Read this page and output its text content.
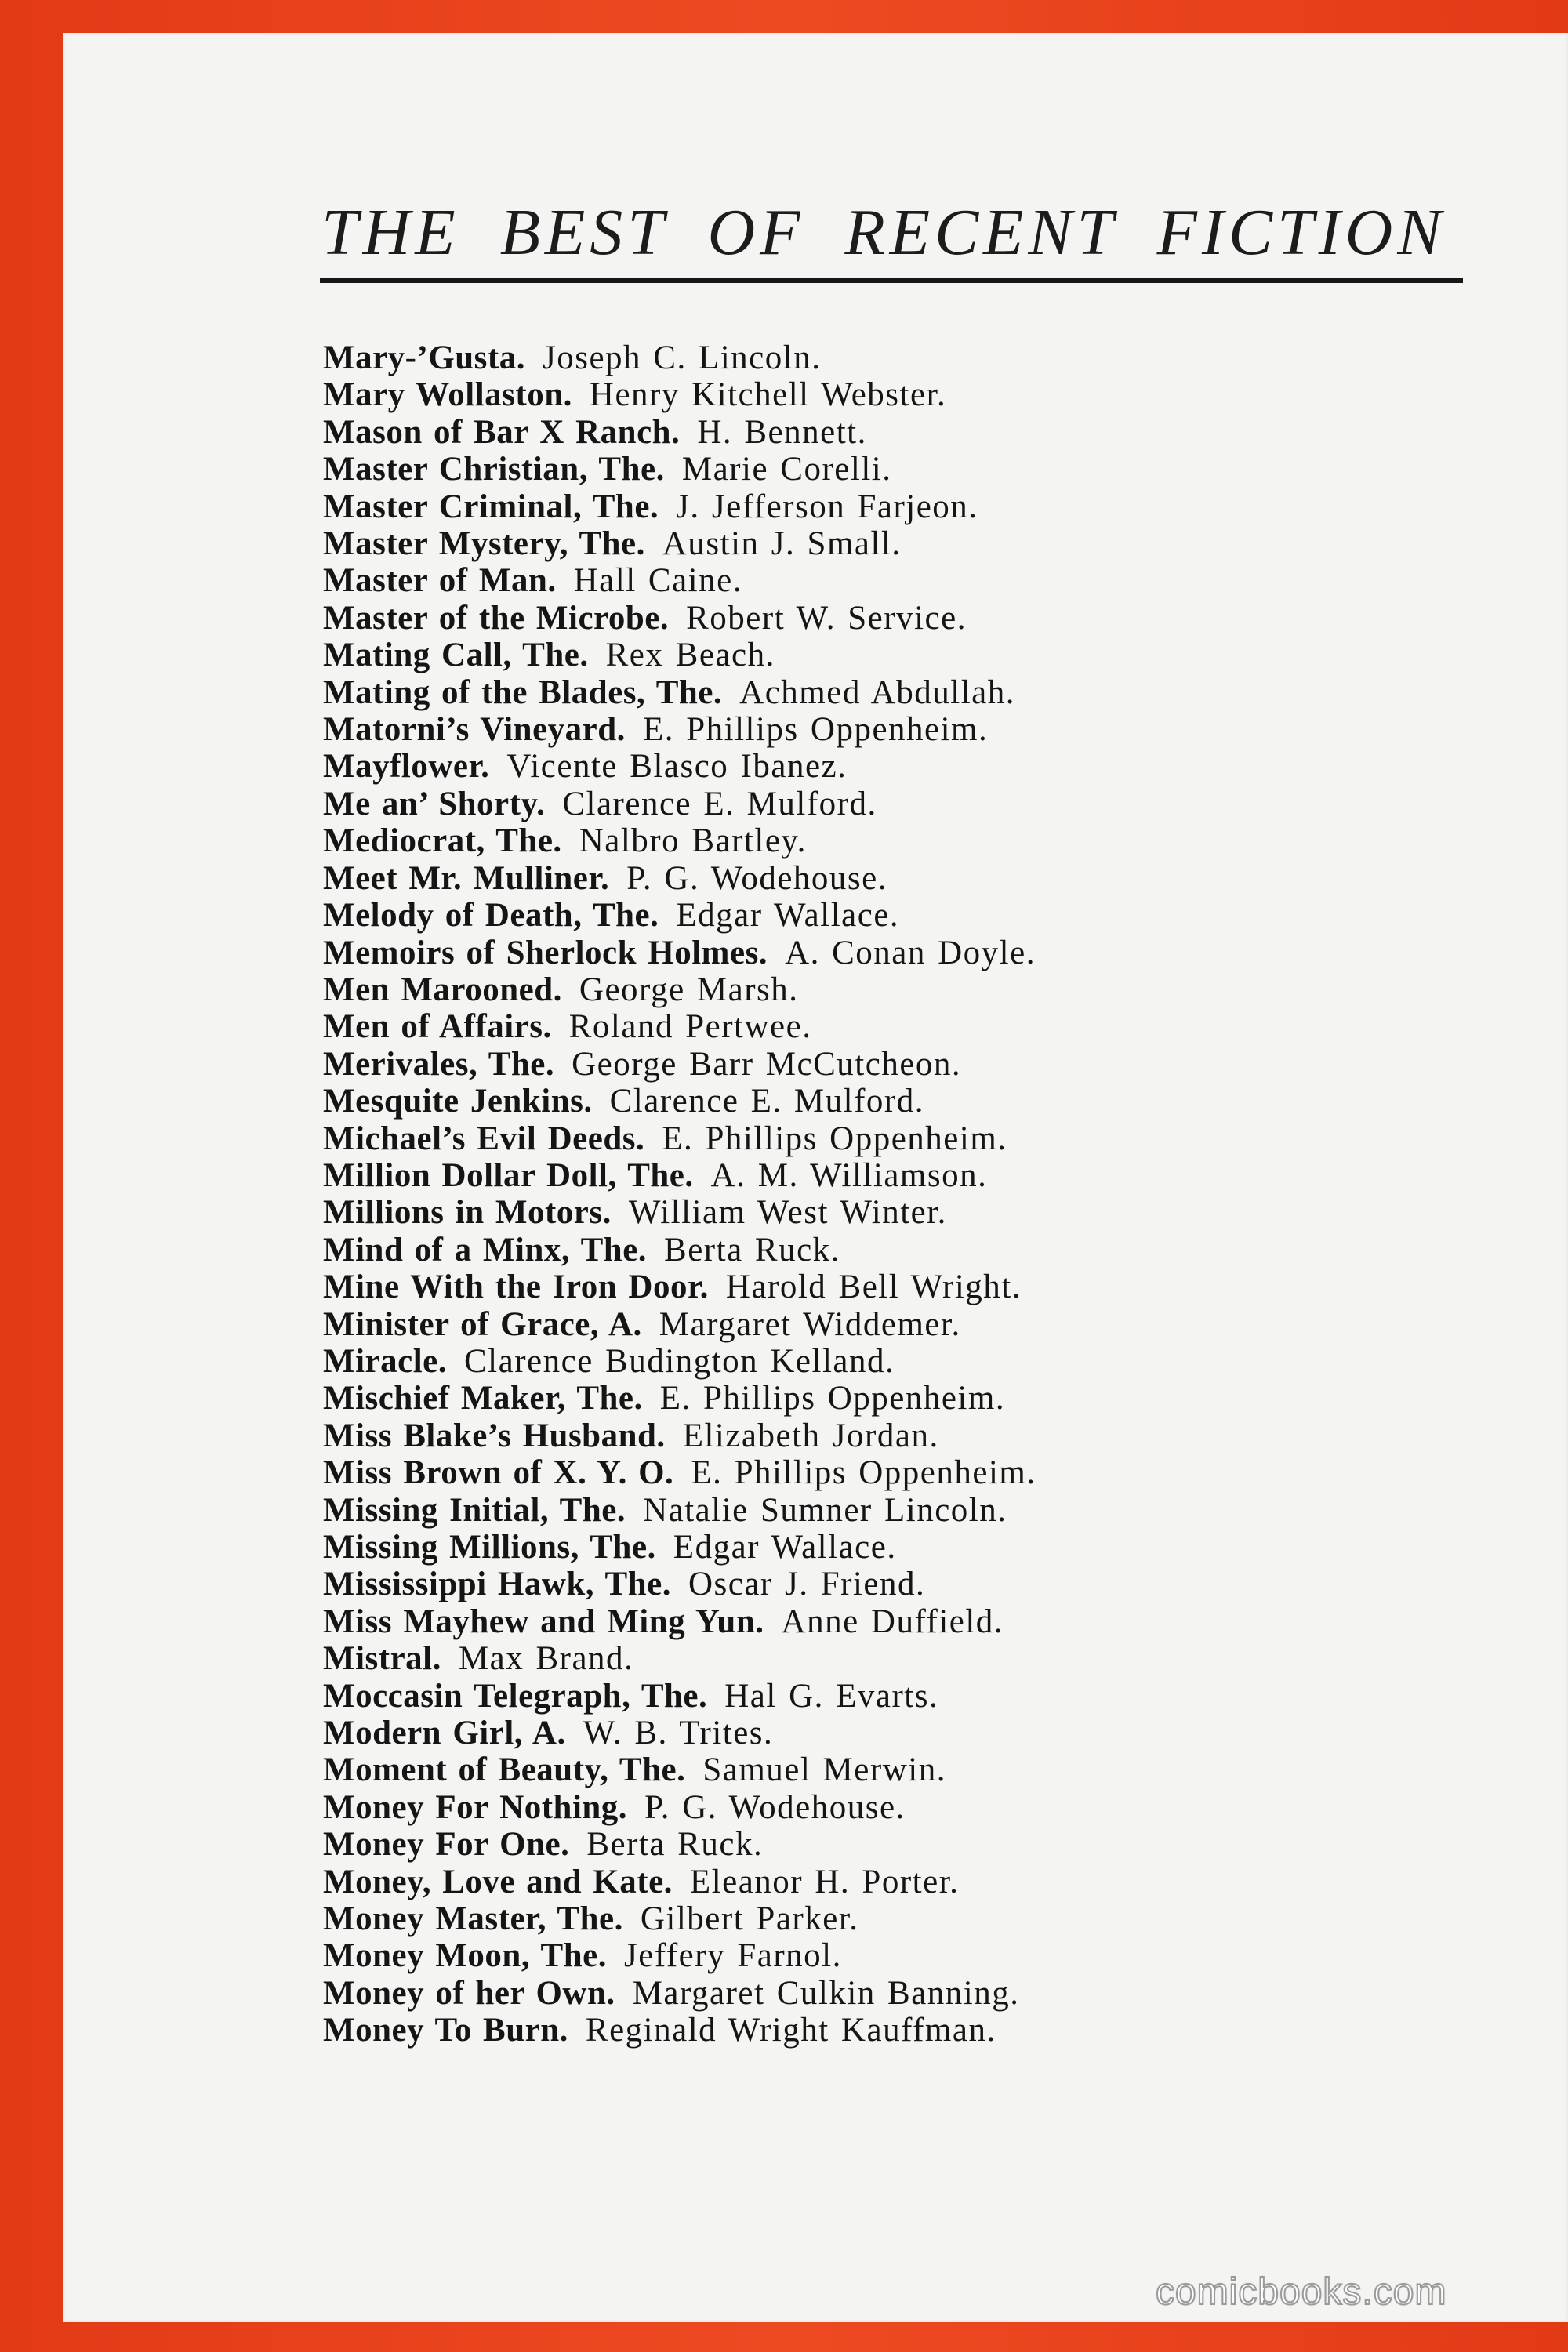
THE BEST OF RECENT FICTION
Mary-’Gusta. Joseph C. Lincoln.
Mary Wollaston. Henry Kitchell Webster.
Mason of Bar X Ranch. H. Bennett.
Master Christian, The. Marie Corelli.
Master Criminal, The. J. Jefferson Farjeon.
Master Mystery, The. Austin J. Small.
Master of Man. Hall Caine.
Master of the Microbe. Robert W. Service.
Mating Call, The. Rex Beach.
Mating of the Blades, The. Achmed Abdullah.
Matorni’s Vineyard. E. Phillips Oppenheim.
Mayflower. Vicente Blasco Ibanez.
Me an’ Shorty. Clarence E. Mulford.
Mediocrat, The. Nalbro Bartley.
Meet Mr. Mulliner. P. G. Wodehouse.
Melody of Death, The. Edgar Wallace.
Memoirs of Sherlock Holmes. A. Conan Doyle.
Men Marooned. George Marsh.
Men of Affairs. Roland Pertwee.
Merivales, The. George Barr McCutcheon.
Mesquite Jenkins. Clarence E. Mulford.
Michael’s Evil Deeds. E. Phillips Oppenheim.
Million Dollar Doll, The. A. M. Williamson.
Millions in Motors. William West Winter.
Mind of a Minx, The. Berta Ruck.
Mine With the Iron Door. Harold Bell Wright.
Minister of Grace, A. Margaret Widdemer.
Miracle. Clarence Budington Kelland.
Mischief Maker, The. E. Phillips Oppenheim.
Miss Blake’s Husband. Elizabeth Jordan.
Miss Brown of X. Y. O. E. Phillips Oppenheim.
Missing Initial, The. Natalie Sumner Lincoln.
Missing Millions, The. Edgar Wallace.
Mississippi Hawk, The. Oscar J. Friend.
Miss Mayhew and Ming Yun. Anne Duffield.
Mistral. Max Brand.
Moccasin Telegraph, The. Hal G. Evarts.
Modern Girl, A. W. B. Trites.
Moment of Beauty, The. Samuel Merwin.
Money For Nothing. P. G. Wodehouse.
Money For One. Berta Ruck.
Money, Love and Kate. Eleanor H. Porter.
Money Master, The. Gilbert Parker.
Money Moon, The. Jeffery Farnol.
Money of her Own. Margaret Culkin Banning.
Money To Burn. Reginald Wright Kauffman.
comicbooks.com
